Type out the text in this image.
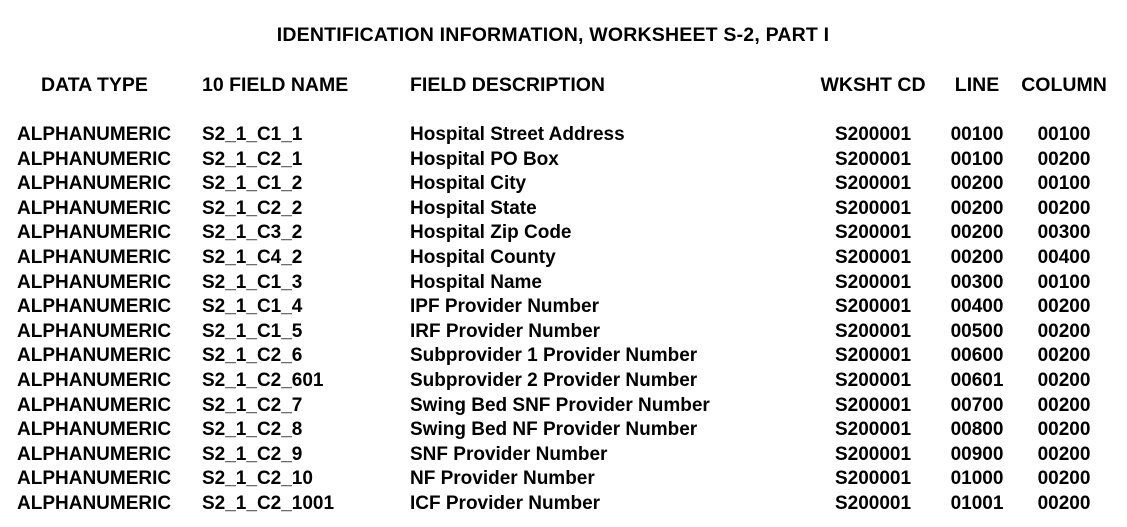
IDENTIFICATION INFORMATION, WORKSHEET S-2, PART I
DATA TYPE	10 FIELD NAME	FIELD DESCRIPTION	WKSHT CD	LINE	COLUMN
ALPHANUMERIC	S2_1_C1_1	Hospital Street Address	S200001	00100	00100
ALPHANUMERIC	S2_1_C2_1	Hospital PO Box	S200001	00100	00200
ALPHANUMERIC	S2_1_C1_2	Hospital City	S200001	00200	00100
ALPHANUMERIC	S2_1_C2_2	Hospital State	S200001	00200	00200
ALPHANUMERIC	S2_1_C3_2	Hospital Zip Code	S200001	00200	00300
ALPHANUMERIC	S2_1_C4_2	Hospital County	S200001	00200	00400
ALPHANUMERIC	S2_1_C1_3	Hospital Name	S200001	00300	00100
ALPHANUMERIC	S2_1_C1_4	IPF Provider Number	S200001	00400	00200
ALPHANUMERIC	S2_1_C1_5	IRF Provider Number	S200001	00500	00200
ALPHANUMERIC	S2_1_C2_6	Subprovider 1 Provider Number	S200001	00600	00200
ALPHANUMERIC	S2_1_C2_601	Subprovider 2 Provider Number	S200001	00601	00200
ALPHANUMERIC	S2_1_C2_7	Swing Bed SNF Provider Number	S200001	00700	00200
ALPHANUMERIC	S2_1_C2_8	Swing Bed NF Provider Number	S200001	00800	00200
ALPHANUMERIC	S2_1_C2_9	SNF Provider Number	S200001	00900	00200
ALPHANUMERIC	S2_1_C2_10	NF Provider Number	S200001	01000	00200
ALPHANUMERIC	S2_1_C2_1001	ICF Provider Number	S200001	01001	00200
